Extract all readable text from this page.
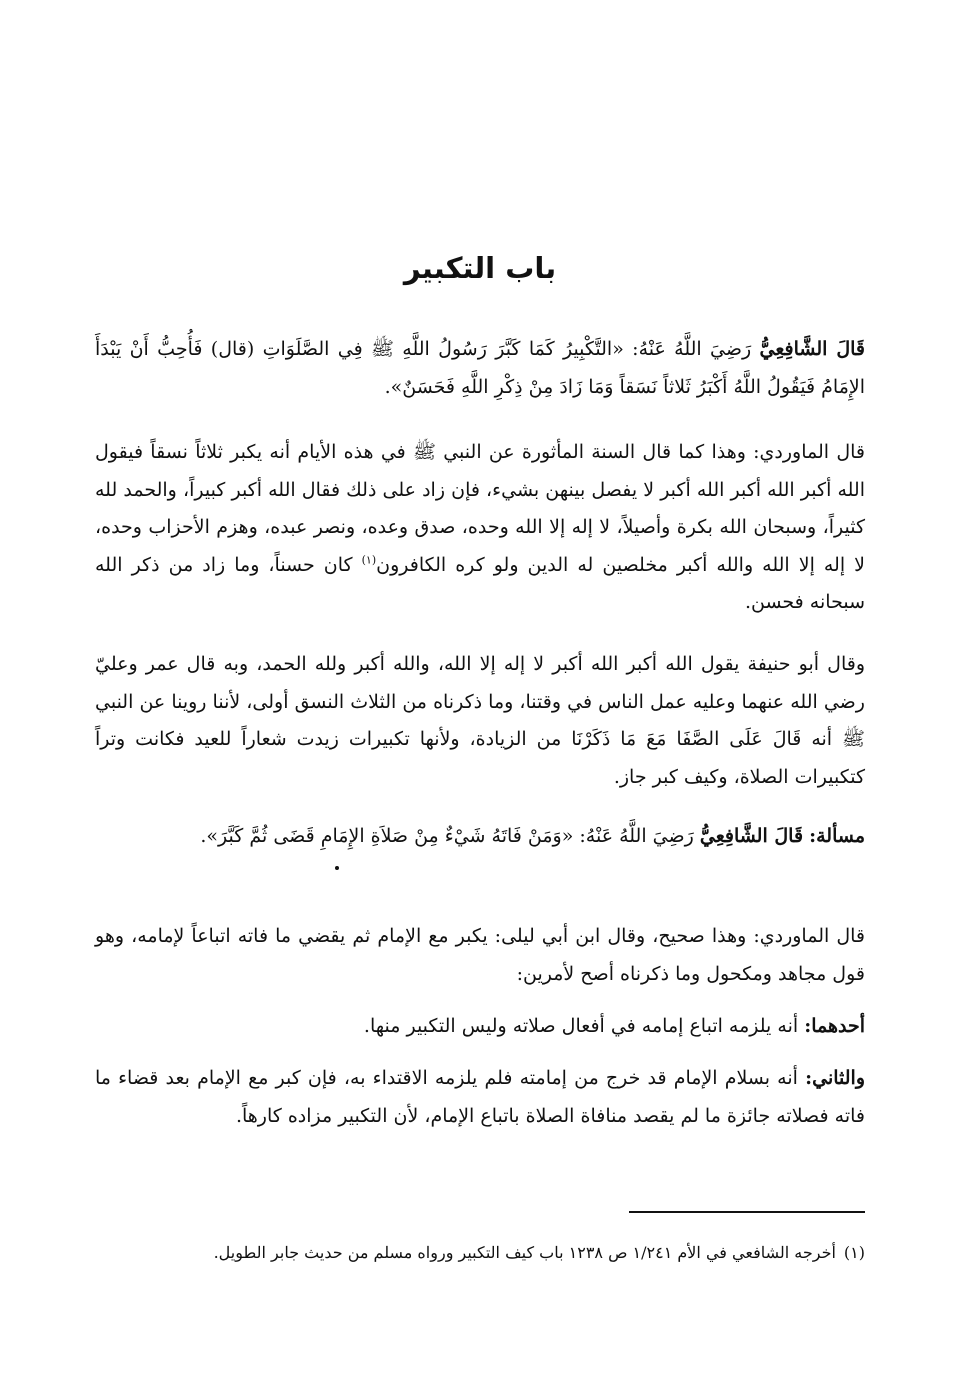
باب التكبير

قَالَ الشَّافِعِيُّ رَضِيَ اللَّهُ عَنْهُ: «التَّكْبِيرُ كَمَا كَبَّرَ رَسُولُ اللَّهِ ﷺ فِي الصَّلَوَاتِ (قال) فَأُحِبُّ أَنْ يَبْدَأَ الإِمَامُ فَيَقُولُ اللَّهُ أَكْبَرُ ثَلاثاً نَسَقاً وَمَا زَادَ مِنْ ذِكْرِ اللَّهِ فَحَسَنٌ».

قال الماوردي: وهذا كما قال السنة المأثورة عن النبي ﷺ في هذه الأيام أنه يكبر ثلاثاً نسقاً فيقول الله أكبر الله أكبر الله أكبر لا يفصل بينهن بشيء، فإن زاد على ذلك فقال الله أكبر كبيراً، والحمد لله كثيراً، وسبحان الله بكرة وأصيلاً، لا إله إلا الله وحده، صدق وعده، ونصر عبده، وهزم الأحزاب وحده، لا إله إلا الله والله أكبر مخلصين له الدين ولو كره الكافرون$^{(١)}$ كان حسناً، وما زاد من ذكر الله سبحانه فحسن.

وقال أبو حنيفة يقول الله أكبر الله أكبر لا إله إلا الله، والله أكبر ولله الحمد، وبه قال عمر وعليّ رضي الله عنهما وعليه عمل الناس في وقتنا، وما ذكرناه من الثلاث النسق أولى، لأننا روينا عن النبي ﷺ أنه قَالَ عَلَى الصَّفَا مَعَ مَا ذَكَرْنَا من الزيادة، ولأنها تكبيرات زيدت شعاراً للعيد فكانت وتراً كتكبيرات الصلاة، وكيف كبر جاز.

مسألة: قَالَ الشَّافِعِيُّ رَضِيَ اللَّهُ عَنْهُ: «وَمَنْ فَاتَهُ شَيْءٌ مِنْ صَلاَةِ الإِمَامِ قَضَى ثُمَّ كَبَّرَ».

قال الماوردي: وهذا صحيح، وقال ابن أبي ليلى: يكبر مع الإمام ثم يقضي ما فاته اتباعاً لإمامه، وهو قول مجاهد ومكحول وما ذكرناه أصح لأمرين:

أحدهما: أنه يلزمه اتباع إمامه في أفعال صلاته وليس التكبير منها.

والثاني: أنه بسلام الإمام قد خرج من إمامته فلم يلزمه الاقتداء به، فإن كبر مع الإمام بعد قضاء ما فاته فصلاته جائزة ما لم يقصد منافاة الصلاة باتباع الإمام، لأن التكبير مزاده كارهاً.

(١)أخرجه الشافعي في الأم ١/٢٤١ ص ١٢٣٨ باب كيف التكبير ورواه مسلم من حديث جابر الطويل.
